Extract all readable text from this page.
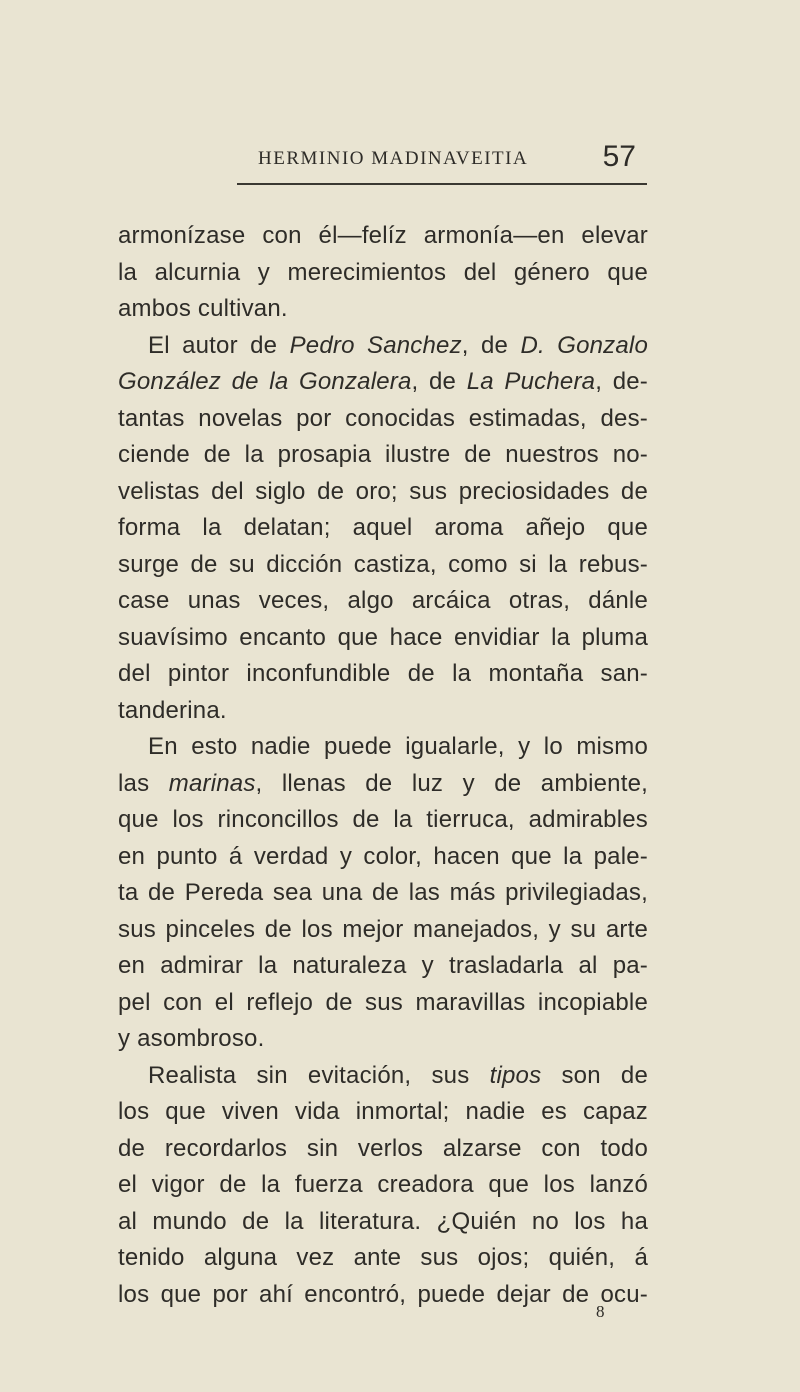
HERMINIO MADINAVEITIA 57
armonízase con él—felíz armonía—en elevar
la alcurnia y merecimientos del género que
ambos cultivan.
El autor de Pedro Sanchez, de D. Gonzalo
González de la Gonzalera, de La Puchera, de-
tantas novelas por conocidas estimadas, des-
ciende de la prosapia ilustre de nuestros no-
velistas del siglo de oro; sus preciosidades de
forma la delatan; aquel aroma añejo que
surge de su dicción castiza, como si la rebus-
case unas veces, algo arcáica otras, dánle
suavísimo encanto que hace envidiar la pluma
del pintor inconfundible de la montaña san-
tanderina.
En esto nadie puede igualarle, y lo mismo
las marinas, llenas de luz y de ambiente,
que los rinconcillos de la tierruca, admirables
en punto á verdad y color, hacen que la pale-
ta de Pereda sea una de las más privilegiadas,
sus pinceles de los mejor manejados, y su arte
en admirar la naturaleza y trasladarla al pa-
pel con el reflejo de sus maravillas incopiable
y asombroso.
Realista sin evitación, sus tipos son de
los que viven vida inmortal; nadie es capaz
de recordarlos sin verlos alzarse con todo
el vigor de la fuerza creadora que los lanzó
al mundo de la literatura. ¿Quién no los ha
tenido alguna vez ante sus ojos; quién, á
los que por ahí encontró, puede dejar de ocu-
8
